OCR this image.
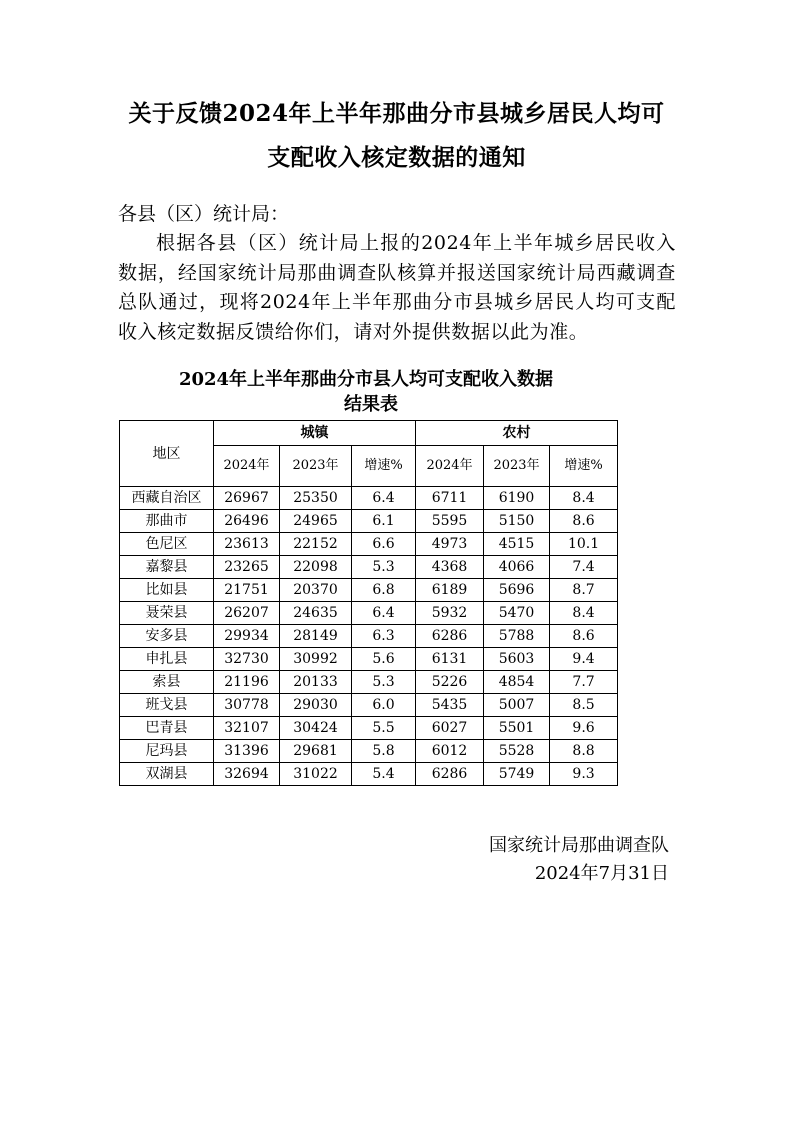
关于反馈2024年上半年那曲分市县城乡居民人均可
支配收入核定数据的通知
各县（区）统计局：
根据各县（区）统计局上报的2024年上半年城乡居民收入数据，经国家统计局那曲调查队核算并报送国家统计局西藏调查总队通过，现将2024年上半年那曲分市县城乡居民人均可支配收入核定数据反馈给你们，请对外提供数据以此为准。
2024年上半年那曲分市县人均可支配收入数据
结果表
地区	城镇			农村		
	2024年	2023年	增速%	2024年	2023年	增速%
西藏自治区	26967	25350	6.4	6711	6190	8.4
那曲市	26496	24965	6.1	5595	5150	8.6
色尼区	23613	22152	6.6	4973	4515	10.1
嘉黎县	23265	22098	5.3	4368	4066	7.4
比如县	21751	20370	6.8	6189	5696	8.7
聂荣县	26207	24635	6.4	5932	5470	8.4
安多县	29934	28149	6.3	6286	5788	8.6
申扎县	32730	30992	5.6	6131	5603	9.4
索县	21196	20133	5.3	5226	4854	7.7
班戈县	30778	29030	6.0	5435	5007	8.5
巴青县	32107	30424	5.5	6027	5501	9.6
尼玛县	31396	29681	5.8	6012	5528	8.8
双湖县	32694	31022	5.4	6286	5749	9.3
国家统计局那曲调查队
2024年7月31日
